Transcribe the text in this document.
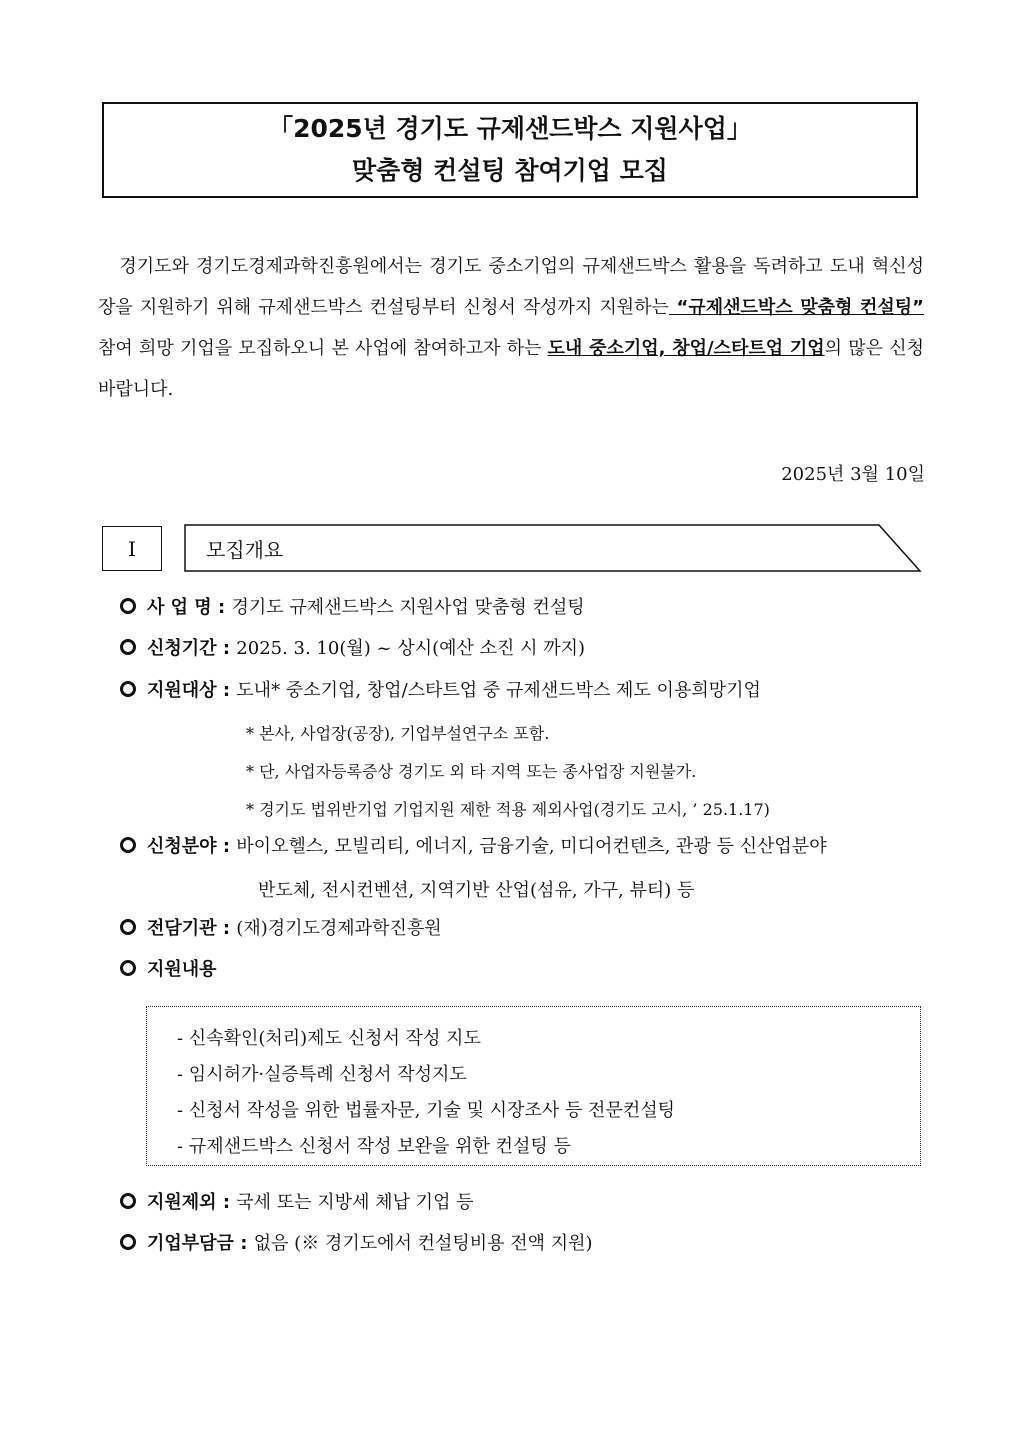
「2025년 경기도 규제샌드박스 지원사업」
맞춤형 컨설팅 참여기업 모집
경기도와 경기도경제과학진흥원에서는 경기도 중소기업의 규제샌드박스 활용을 독려하고 도내 혁신성장을 지원하기 위해 규제샌드박스 컨설팅부터 신청서 작성까지 지원하는 “규제샌드박스 맞춤형 컨설팅” 참여 희망 기업을 모집하오니 본 사업에 참여하고자 하는 도내 중소기업, 창업/스타트업 기업의 많은 신청 바랍니다.
2025년 3월 10일
I	모집개요
사 업 명 : 경기도 규제샌드박스 지원사업 맞춤형 컨설팅
신청기간 : 2025. 3. 10(월) ~ 상시(예산 소진 시 까지)
지원대상 : 도내* 중소기업, 창업/스타트업 중 규제샌드박스 제도 이용희망기업
* 본사, 사업장(공장), 기업부설연구소 포함.
* 단, 사업자등록증상 경기도 외 타 지역 또는 종사업장 지원불가.
* 경기도 법위반기업 기업지원 제한 적용 제외사업(경기도 고시, ’ 25.1.17)
신청분야 : 바이오헬스, 모빌리티, 에너지, 금융기술, 미디어컨텐츠, 관광 등 신산업분야
반도체, 전시컨벤션, 지역기반 산업(섬유, 가구, 뷰티) 등
전담기관 : (재)경기도경제과학진흥원
지원내용
- 신속확인(처리)제도 신청서 작성 지도
- 임시허가·실증특례 신청서 작성지도
- 신청서 작성을 위한 법률자문, 기술 및 시장조사 등 전문컨설팅
- 규제샌드박스 신청서 작성 보완을 위한 컨설팅 등
지원제외 : 국세 또는 지방세 체납 기업 등
기업부담금 : 없음 (※ 경기도에서 컨설팅비용 전액 지원)
